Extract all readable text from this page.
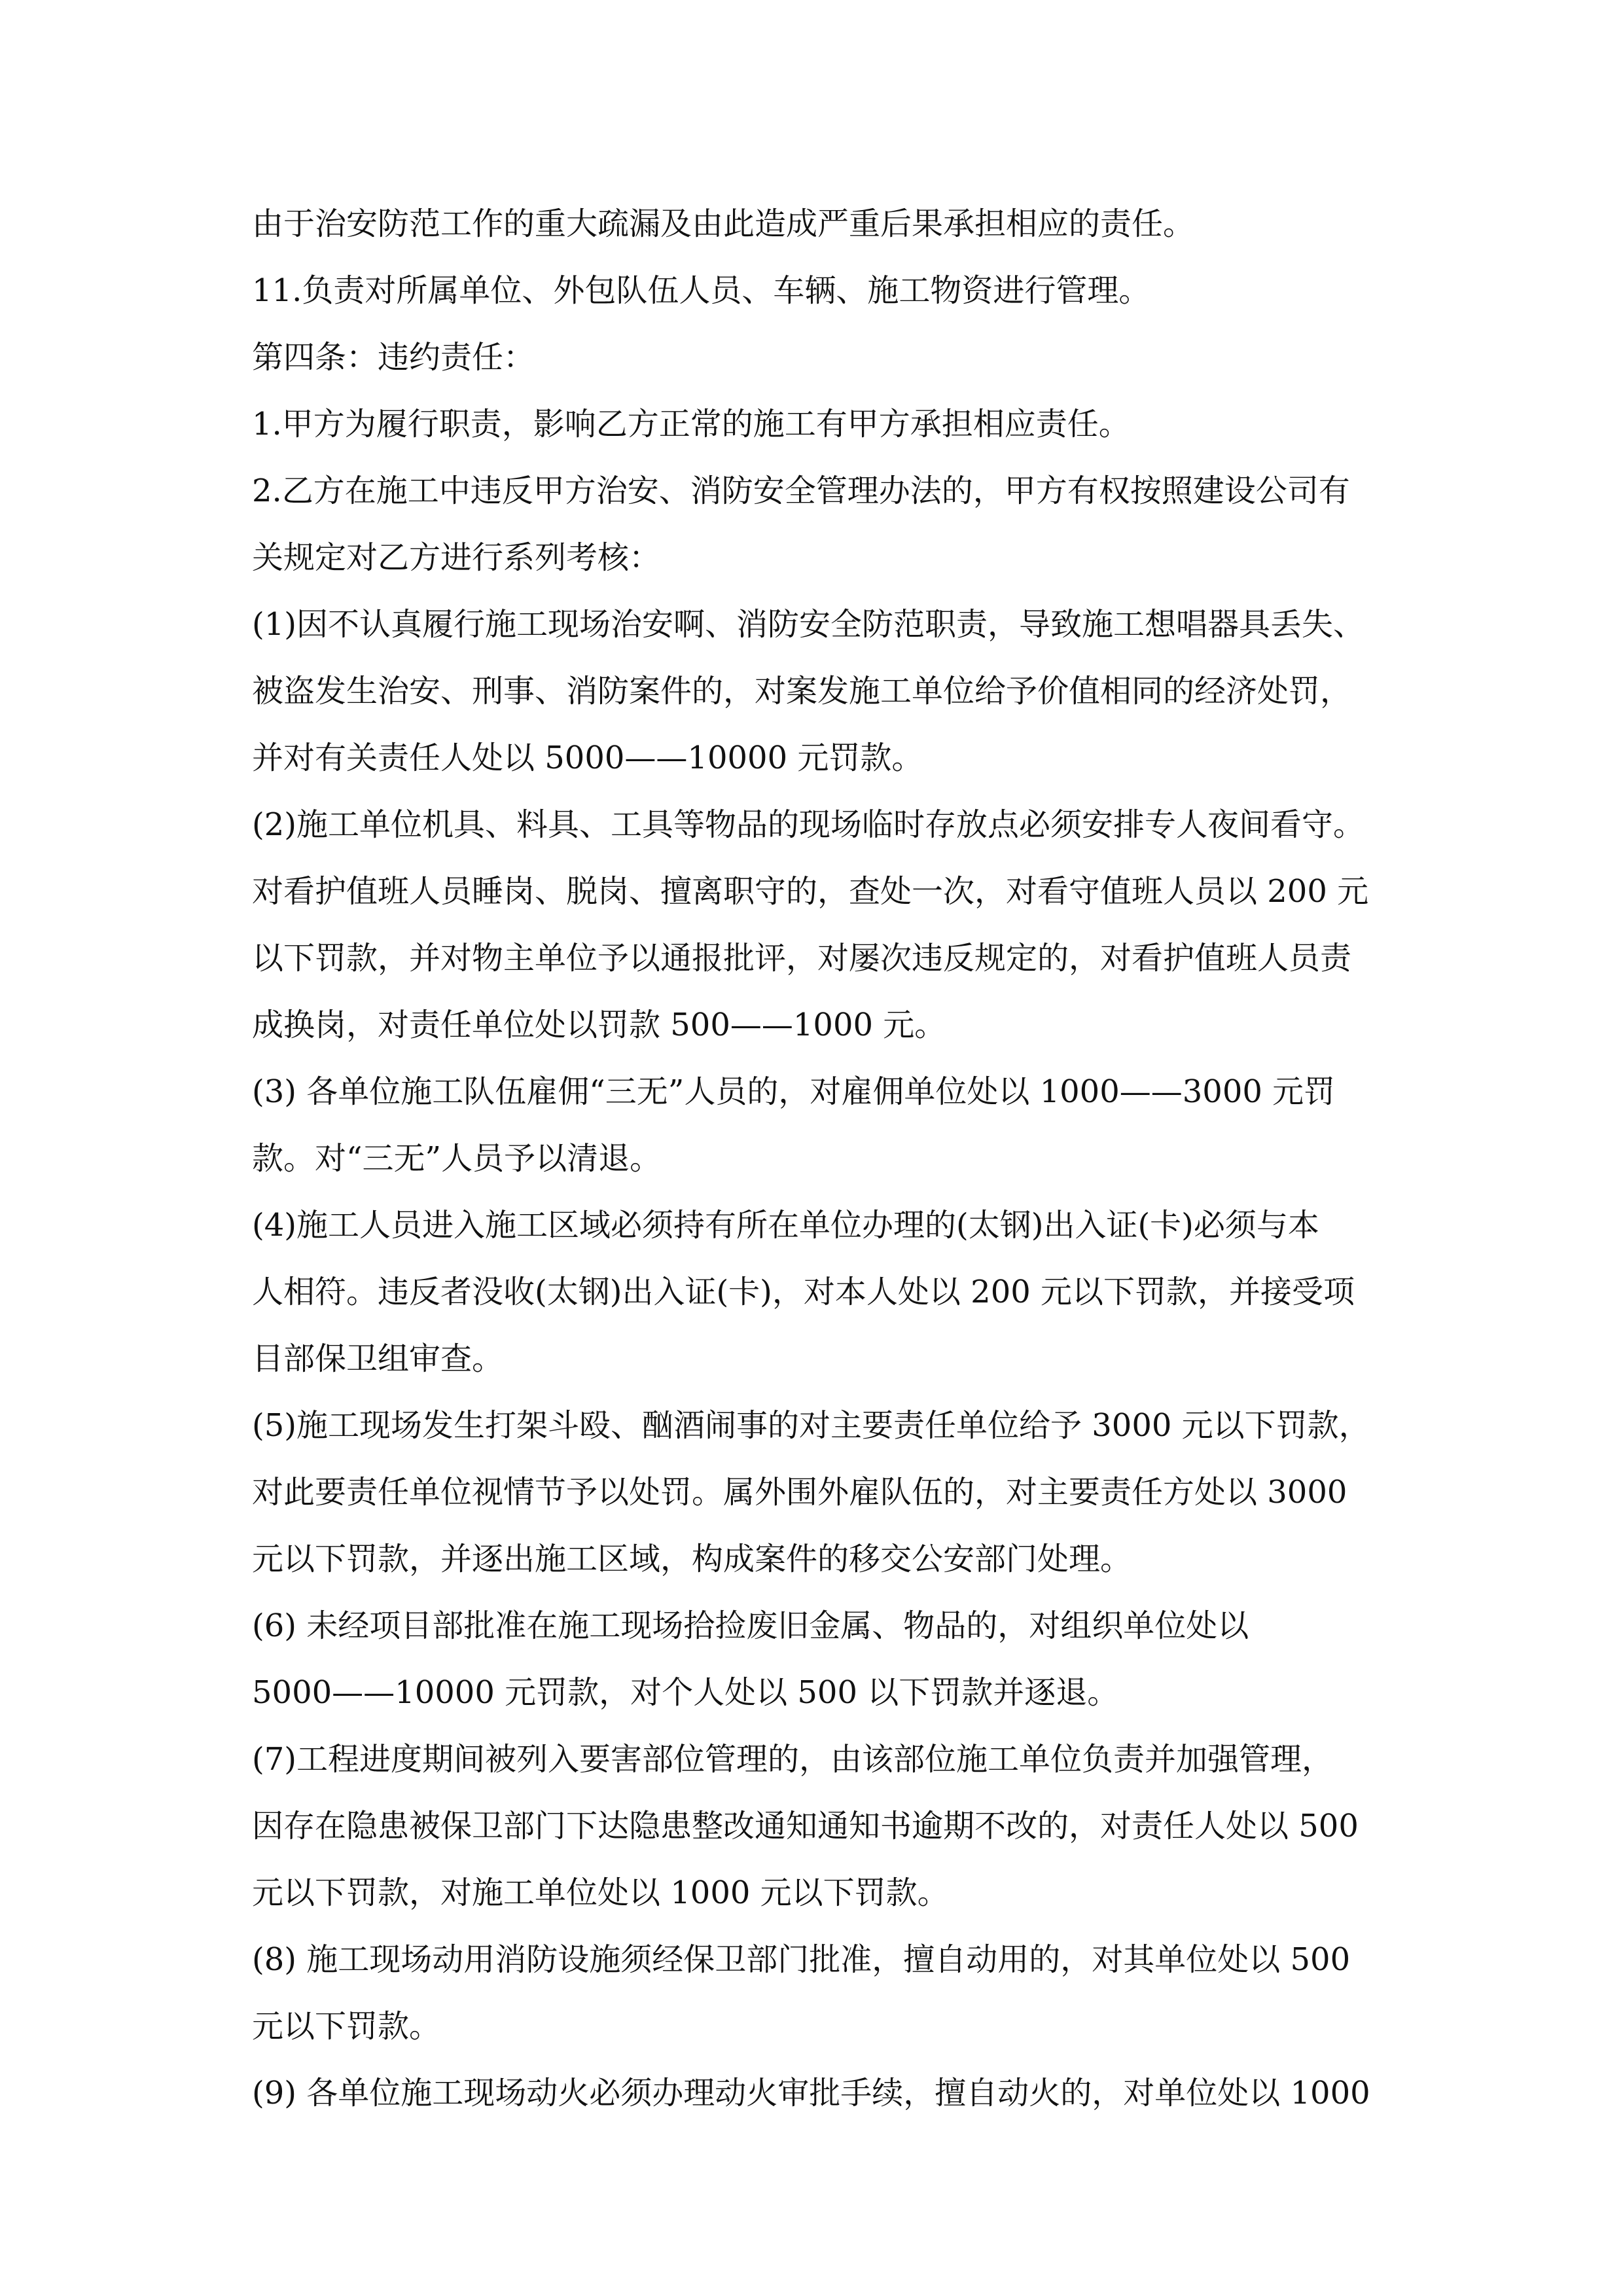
由于治安防范工作的重大疏漏及由此造成严重后果承担相应的责任。

11.负责对所属单位、外包队伍人员、车辆、施工物资进行管理。

第四条：违约责任：

1.甲方为履行职责，影响乙方正常的施工有甲方承担相应责任。

2.乙方在施工中违反甲方治安、消防安全管理办法的，甲方有权按照建设公司有

关规定对乙方进行系列考核：

(1)因不认真履行施工现场治安啊、消防安全防范职责，导致施工想唱器具丢失、

被盗发生治安、刑事、消防案件的，对案发施工单位给予价值相同的经济处罚，

并对有关责任人处以 5000——10000 元罚款。

(2)施工单位机具、料具、工具等物品的现场临时存放点必须安排专人夜间看守。

对看护值班人员睡岗、脱岗、擅离职守的，查处一次，对看守值班人员以 200 元

以下罚款，并对物主单位予以通报批评，对屡次违反规定的，对看护值班人员责

成换岗，对责任单位处以罚款 500——1000 元。

(3) 各单位施工队伍雇佣“三无”人员的，对雇佣单位处以 1000——3000 元罚

款。对“三无”人员予以清退。

(4)施工人员进入施工区域必须持有所在单位办理的(太钢)出入证(卡)必须与本

人相符。违反者没收(太钢)出入证(卡)，对本人处以 200 元以下罚款，并接受项

目部保卫组审查。

(5)施工现场发生打架斗殴、酗酒闹事的对主要责任单位给予 3000 元以下罚款，

对此要责任单位视情节予以处罚。属外围外雇队伍的，对主要责任方处以 3000

元以下罚款，并逐出施工区域，构成案件的移交公安部门处理。

(6) 未经项目部批准在施工现场拾捡废旧金属、物品的，对组织单位处以

5000——10000 元罚款，对个人处以 500 以下罚款并逐退。

(7)工程进度期间被列入要害部位管理的，由该部位施工单位负责并加强管理，

因存在隐患被保卫部门下达隐患整改通知通知书逾期不改的，对责任人处以 500

元以下罚款，对施工单位处以 1000 元以下罚款。

(8) 施工现场动用消防设施须经保卫部门批准，擅自动用的，对其单位处以 500

元以下罚款。

(9) 各单位施工现场动火必须办理动火审批手续，擅自动火的，对单位处以 1000
